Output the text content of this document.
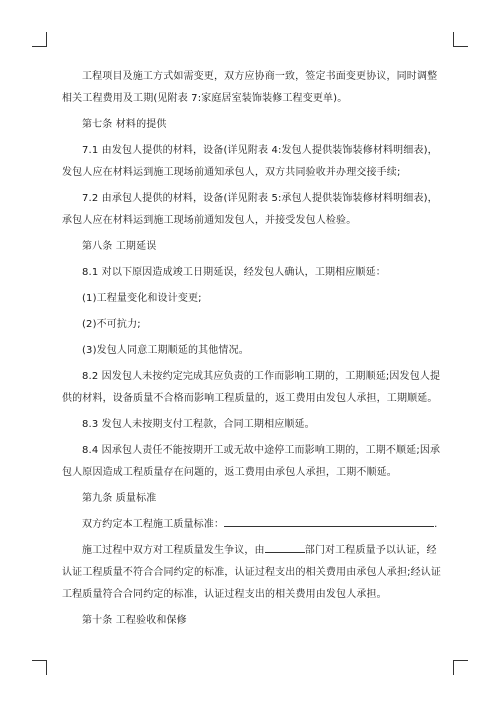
工程项目及施工方式如需变更，双方应协商一致，签定书面变更协议，同时调整

相关工程费用及工期(见附表 7:家庭居室装饰装修工程变更单)。

第七条 材料的提供

7.1 由发包人提供的材料，设备(详见附表 4:发包人提供装饰装修材料明细表)，

发包人应在材料运到施工现场前通知承包人，双方共同验收并办理交接手续;

7.2 由承包人提供的材料，设备(详见附表 5:承包人提供装饰装修材料明细表)，

承包人应在材料运到施工现场前通知发包人，并接受发包人检验。

第八条 工期延误

8.1 对以下原因造成竣工日期延误，经发包人确认，工期相应顺延：

(1)工程量变化和设计变更;

(2)不可抗力;

(3)发包人同意工期顺延的其他情况。

8.2 因发包人未按约定完成其应负责的工作而影响工期的，工期顺延;因发包人提

供的材料，设备质量不合格而影响工程质量的，返工费用由发包人承担，工期顺延。

8.3 发包人未按期支付工程款，合同工期相应顺延。

8.4 因承包人责任不能按期开工或无故中途停工而影响工期的，工期不顺延;因承

包人原因造成工程质量存在问题的，返工费用由承包人承担，工期不顺延。

第九条 质量标准

双方约定本工程施工质量标准：	.

施工过程中双方对工程质量发生争议，由	部门对工程质量予以认证，经

认证工程质量不符合合同约定的标准，认证过程支出的相关费用由承包人承担;经认证

工程质量符合合同约定的标准，认证过程支出的相关费用由发包人承担。

第十条 工程验收和保修
